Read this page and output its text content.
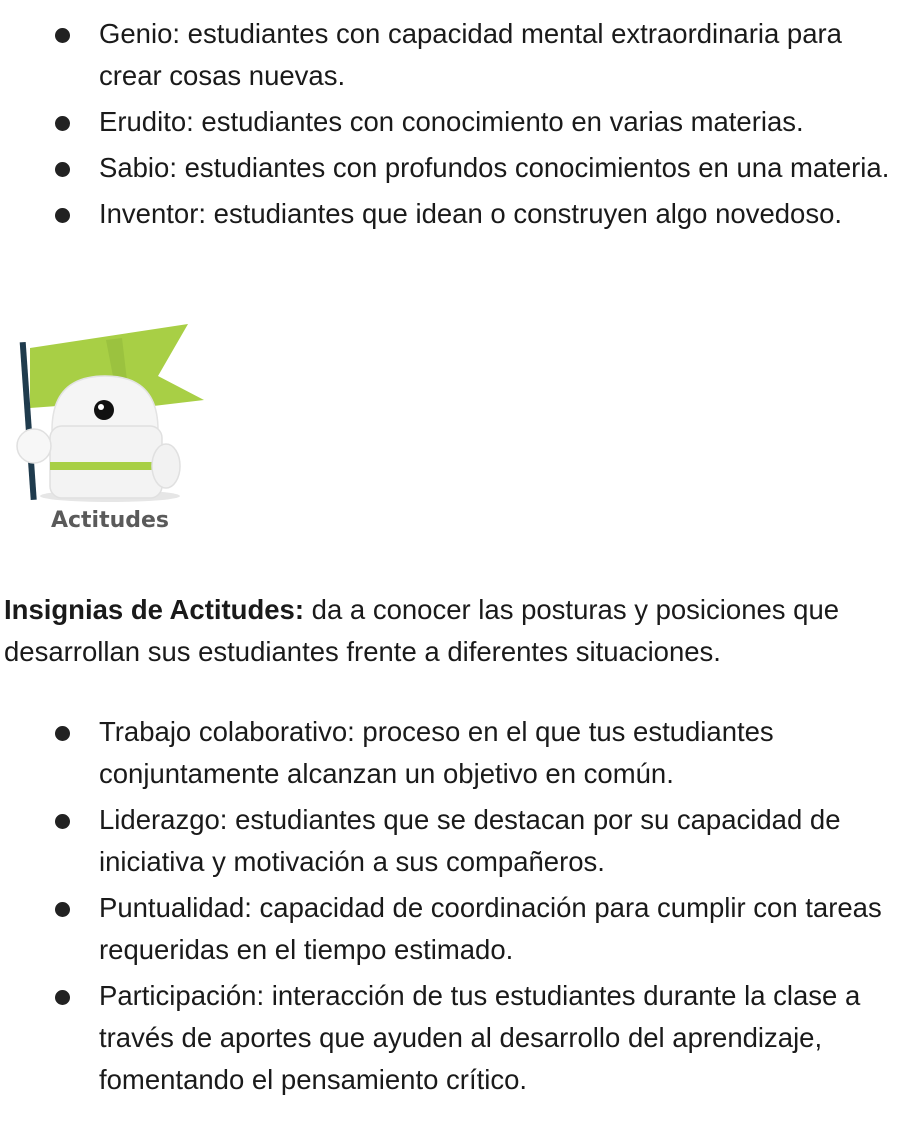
Genio: estudiantes con capacidad mental extraordinaria para crear cosas nuevas.
Erudito: estudiantes con conocimiento en varias materias.
Sabio: estudiantes con profundos conocimientos en una materia.
Inventor: estudiantes que idean o construyen algo novedoso.
Actitudes

Insignias de Actitudes: da a conocer las posturas y posiciones que desarrollan sus estudiantes frente a diferentes situaciones.

Trabajo colaborativo: proceso en el que tus estudiantes conjuntamente alcanzan un objetivo en común.
Liderazgo: estudiantes que se destacan por su capacidad de iniciativa y motivación a sus compañeros.
Puntualidad: capacidad de coordinación para cumplir con tareas requeridas en el tiempo estimado.
Participación: interacción de tus estudiantes durante la clase a través de aportes que ayuden al desarrollo del aprendizaje, fomentando el pensamiento crítico.
